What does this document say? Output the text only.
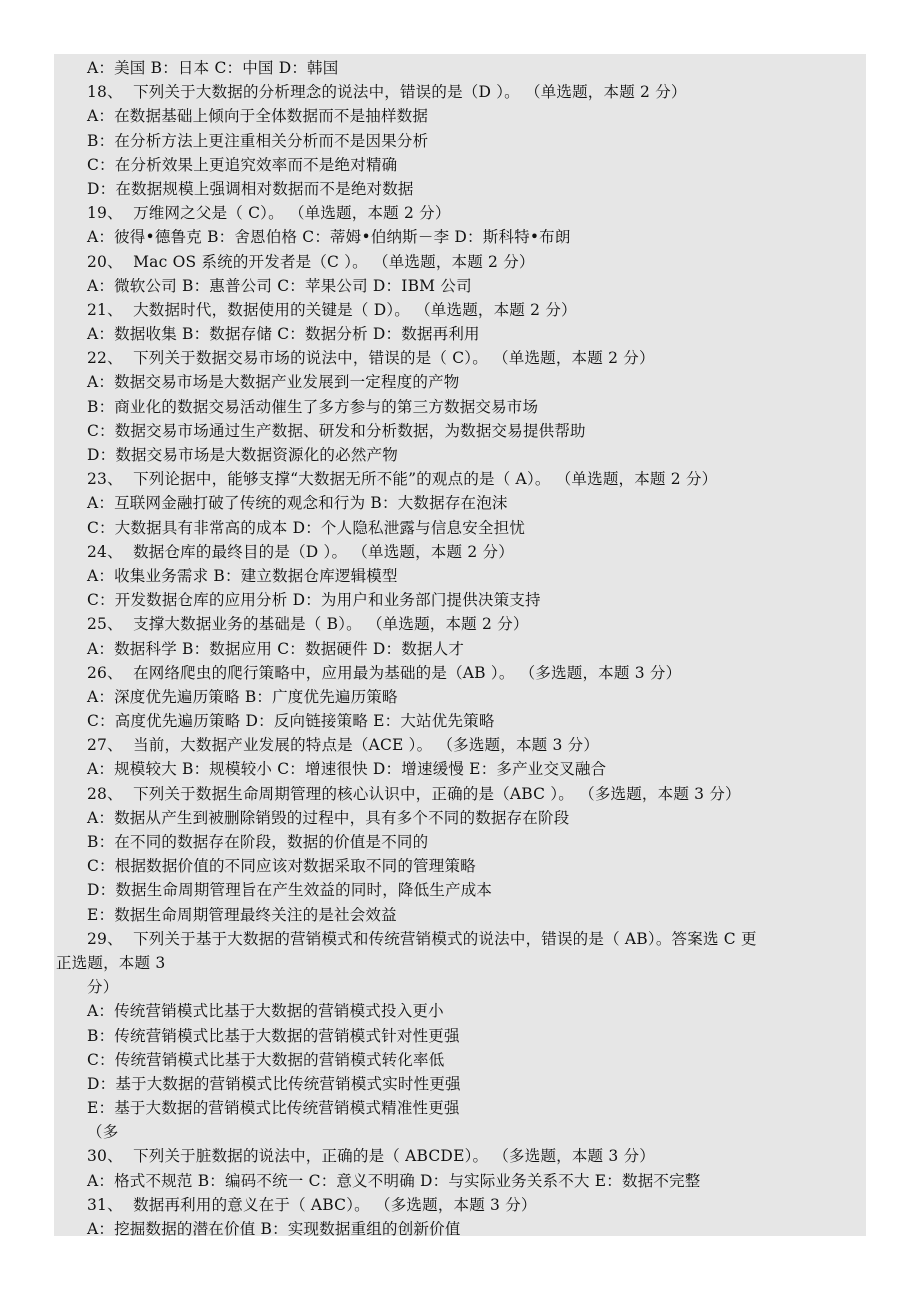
A：美国 B：日本 C：中国 D：韩国
18、  下列关于大数据的分析理念的说法中，错误的是（D ）。 （单选题，本题 2 分）
A：在数据基础上倾向于全体数据而不是抽样数据
B：在分析方法上更注重相关分析而不是因果分析
C：在分析效果上更追究效率而不是绝对精确
D：在数据规模上强调相对数据而不是绝对数据
19、  万维网之父是（ C）。 （单选题，本题 2 分）
A：彼得•德鲁克 B：舍恩伯格 C：蒂姆•伯纳斯－李 D：斯科特•布朗
20、  Mac OS 系统的开发者是（C ）。 （单选题，本题 2 分）
A：微软公司 B：惠普公司 C：苹果公司 D：IBM 公司
21、  大数据时代，数据使用的关键是（ D）。 （单选题，本题 2 分）
A：数据收集 B：数据存储 C：数据分析 D：数据再利用
22、  下列关于数据交易市场的说法中，错误的是（ C）。 （单选题，本题 2 分）
A：数据交易市场是大数据产业发展到一定程度的产物
B：商业化的数据交易活动催生了多方参与的第三方数据交易市场
C：数据交易市场通过生产数据、研发和分析数据，为数据交易提供帮助
D：数据交易市场是大数据资源化的必然产物
23、  下列论据中，能够支撑“大数据无所不能”的观点的是（ A）。 （单选题，本题 2 分）
A：互联网金融打破了传统的观念和行为 B：大数据存在泡沫
C：大数据具有非常高的成本 D：个人隐私泄露与信息安全担忧
24、  数据仓库的最终目的是（D ）。 （单选题，本题 2 分）
A：收集业务需求 B：建立数据仓库逻辑模型
C：开发数据仓库的应用分析 D：为用户和业务部门提供决策支持
25、  支撑大数据业务的基础是（ B）。 （单选题，本题 2 分）
A：数据科学 B：数据应用 C：数据硬件 D：数据人才
26、  在网络爬虫的爬行策略中，应用最为基础的是（AB ）。 （多选题，本题 3 分）
A：深度优先遍历策略 B：广度优先遍历策略
C：高度优先遍历策略 D：反向链接策略 E：大站优先策略
27、  当前，大数据产业发展的特点是（ACE ）。 （多选题，本题 3 分）
A：规模较大 B：规模较小 C：增速很快 D：增速缓慢 E：多产业交叉融合
28、  下列关于数据生命周期管理的核心认识中，正确的是（ABC ）。 （多选题，本题 3 分）
A：数据从产生到被删除销毁的过程中，具有多个不同的数据存在阶段
B：在不同的数据存在阶段，数据的价值是不同的
C：根据数据价值的不同应该对数据采取不同的管理策略
D：数据生命周期管理旨在产生效益的同时，降低生产成本
E：数据生命周期管理最终关注的是社会效益
29、  下列关于基于大数据的营销模式和传统营销模式的说法中，错误的是（ AB）。答案选 C 更
正选题，本题 3
分）
A：传统营销模式比基于大数据的营销模式投入更小
B：传统营销模式比基于大数据的营销模式针对性更强
C：传统营销模式比基于大数据的营销模式转化率低
D：基于大数据的营销模式比传统营销模式实时性更强
E：基于大数据的营销模式比传统营销模式精准性更强
（多
30、  下列关于脏数据的说法中，正确的是（ ABCDE）。 （多选题，本题 3 分）
A：格式不规范 B：编码不统一 C：意义不明确 D：与实际业务关系不大 E：数据不完整
31、  数据再利用的意义在于（ ABC）。 （多选题，本题 3 分）
A：挖掘数据的潜在价值 B：实现数据重组的创新价值
